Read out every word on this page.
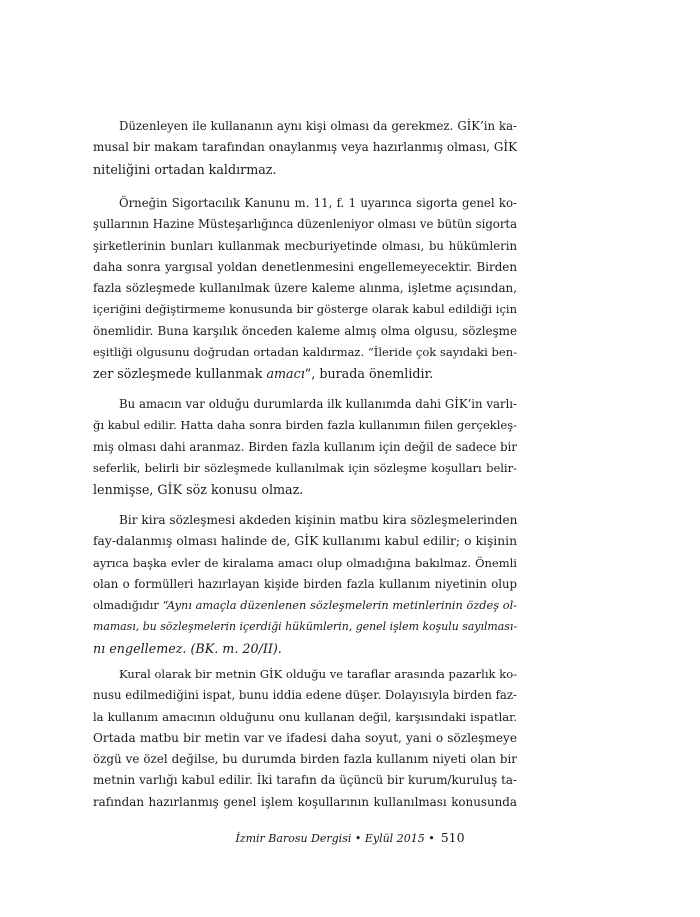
Düzenleyen ile kullananın aynı kişi olması da gerekmez. GİK’in ka-
musal bir makam tarafından onaylanmış veya hazırlanmış olması, GİK
niteliğini ortadan kaldırmaz.
Örneğin Sigortacılık Kanunu m. 11, f. 1 uyarınca sigorta genel ko-
şullarının Hazine Müsteşarlığınca düzenleniyor olması ve bütün sigorta
şirketlerinin bunları kullanmak mecburiyetinde olması, bu hükümlerin
daha sonra yargısal yoldan denetlenmesini engellemeyecektir. Birden
fazla sözleşmede kullanılmak üzere kaleme alınma, işletme açısından,
içeriğini değiştirmeme konusunda bir gösterge olarak kabul edildiği için
önemlidir. Buna karşılık önceden kaleme almış olma olgusu, sözleşme
eşitliği olgusunu doğrudan ortadan kaldırmaz. “İleride çok sayıdaki ben-
zer sözleşmede kullanmak amacı”, burada önemlidir.
Bu amacın var olduğu durumlarda ilk kullanımda dahi GİK’in varlı-
ğı kabul edilir. Hatta daha sonra birden fazla kullanımın fiilen gerçekleş-
miş olması dahi aranmaz. Birden fazla kullanım için değil de sadece bir
seferlik, belirli bir sözleşmede kullanılmak için sözleşme koşulları belir-
lenmişse, GİK söz konusu olmaz.
Bir kira sözleşmesi akdeden kişinin matbu kira sözleşmelerinden
fay-dalanmış olması halinde de, GİK kullanımı kabul edilir; o kişinin
ayrıca başka evler de kiralama amacı olup olmadığına bakılmaz. Önemli
olan o formülleri hazırlayan kişide birden fazla kullanım niyetinin olup
olmadığıdır “Aynı amaçla düzenlenen sözleşmelerin metinlerinin özdeş ol-
maması, bu sözleşmelerin içerdiği hükümlerin, genel işlem koşulu sayılması-
nı engellemez. (BK. m. 20/II).
Kural olarak bir metnin GİK olduğu ve taraflar arasında pazarlık ko-
nusu edilmediğini ispat, bunu iddia edene düşer. Dolayısıyla birden faz-
la kullanım amacının olduğunu onu kullanan değil, karşısındaki ispatlar.
Ortada matbu bir metin var ve ifadesi daha soyut, yani o sözleşmeye
özgü ve özel değilse, bu durumda birden fazla kullanım niyeti olan bir
metnin varlığı kabul edilir. İki tarafın da üçüncü bir kurum/kuruluş ta-
rafından hazırlanmış genel işlem koşullarının kullanılması konusunda
İzmir Barosu Dergisi • Eylül 2015 • 510
